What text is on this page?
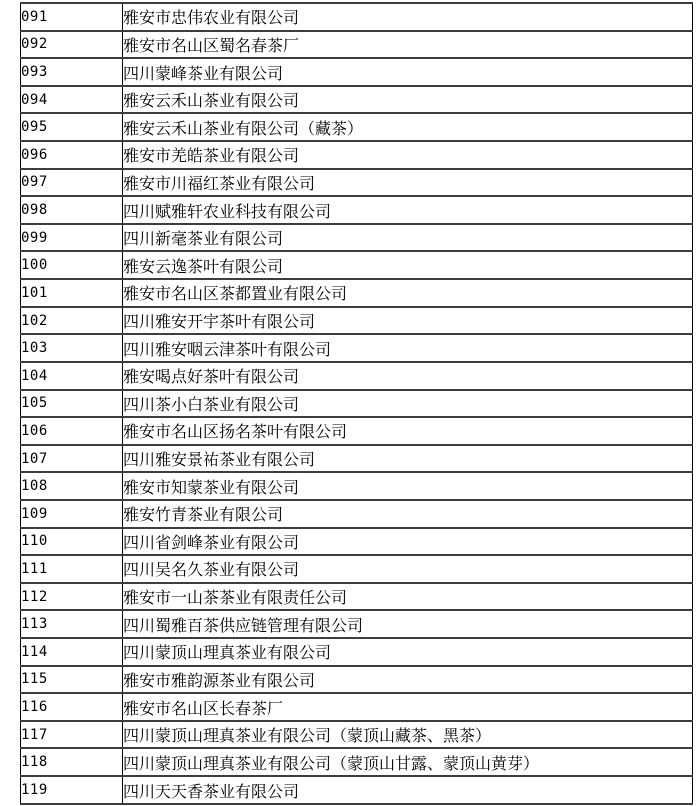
091	雅安市忠伟农业有限公司
092	雅安市名山区蜀名春茶厂
093	四川蒙峰茶业有限公司
094	雅安云禾山茶业有限公司
095	雅安云禾山茶业有限公司（藏茶）
096	雅安市羌皓茶业有限公司
097	雅安市川福红茶业有限公司
098	四川赋雅轩农业科技有限公司
099	四川新毫茶业有限公司
100	雅安云逸茶叶有限公司
101	雅安市名山区茶都置业有限公司
102	四川雅安开宇茶叶有限公司
103	四川雅安咽云津茶叶有限公司
104	雅安喝点好茶叶有限公司
105	四川茶小白茶业有限公司
106	雅安市名山区扬名茶叶有限公司
107	四川雅安景祐茶业有限公司
108	雅安市知蒙茶业有限公司
109	雅安竹青茶业有限公司
110	四川省剑峰茶业有限公司
111	四川吴名久茶业有限公司
112	雅安市一山茶茶业有限责任公司
113	四川蜀雅百茶供应链管理有限公司
114	四川蒙顶山理真茶业有限公司
115	雅安市雅韵源茶业有限公司
116	雅安市名山区长春茶厂
117	四川蒙顶山理真茶业有限公司（蒙顶山藏茶、黑茶）
118	四川蒙顶山理真茶业有限公司（蒙顶山甘露、蒙顶山黄芽）
119	四川天天香茶业有限公司
